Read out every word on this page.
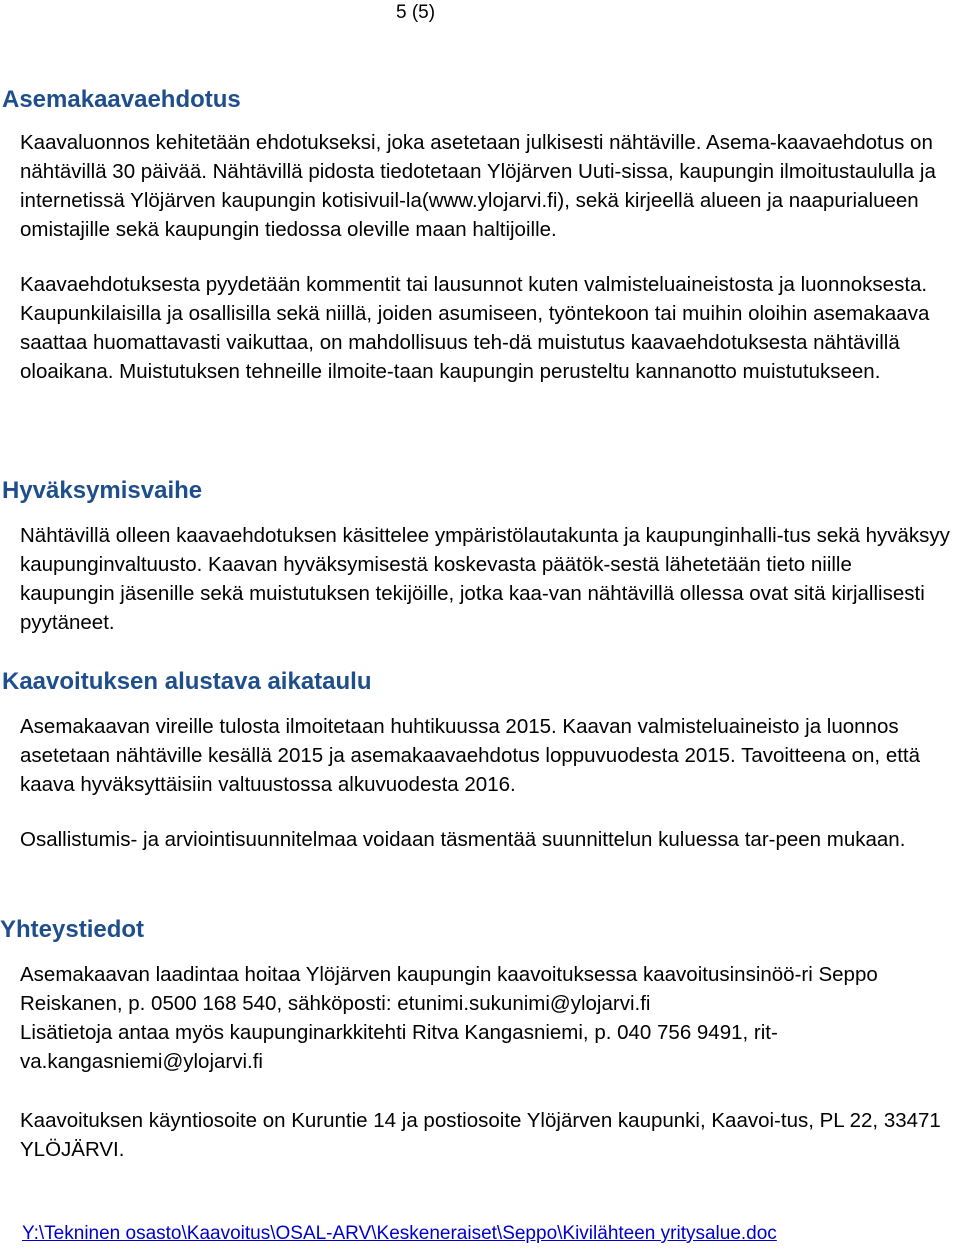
5 (5)
Asemakaavaehdotus

Kaavaluonnos kehitetään ehdotukseksi, joka asetetaan julkisesti nähtäville. Asema-kaavaehdotus on nähtävillä 30 päivää. Nähtävillä pidosta tiedotetaan Ylöjärven Uuti-sissa, kaupungin ilmoitustaululla ja internetissä Ylöjärven kaupungin kotisivuil-la(www.ylojarvi.fi), sekä kirjeellä alueen ja naapurialueen omistajille sekä kaupungin tiedossa oleville maan haltijoille.

Kaavaehdotuksesta pyydetään kommentit tai lausunnot kuten valmisteluaineistosta ja luonnoksesta. Kaupunkilaisilla ja osallisilla sekä niillä, joiden asumiseen, työntekoon tai muihin oloihin asemakaava saattaa huomattavasti vaikuttaa, on mahdollisuus teh-dä muistutus kaavaehdotuksesta nähtävillä oloaikana. Muistutuksen tehneille ilmoite-taan kaupungin perusteltu kannanotto muistutukseen.

Hyväksymisvaihe

Nähtävillä olleen kaavaehdotuksen käsittelee ympäristölautakunta ja kaupunginhalli-tus sekä hyväksyy kaupunginvaltuusto. Kaavan hyväksymisestä koskevasta päätök-sestä lähetetään tieto niille kaupungin jäsenille sekä muistutuksen tekijöille, jotka kaa-van nähtävillä ollessa ovat sitä kirjallisesti pyytäneet.

Kaavoituksen alustava aikataulu

Asemakaavan vireille tulosta ilmoitetaan huhtikuussa 2015. Kaavan valmisteluaineisto ja luonnos asetetaan nähtäville kesällä 2015 ja asemakaavaehdotus loppuvuodesta 2015. Tavoitteena on, että kaava hyväksyttäisiin valtuustossa alkuvuodesta 2016.

Osallistumis- ja arviointisuunnitelmaa voidaan täsmentää suunnittelun kuluessa tar-peen mukaan.

Yhteystiedot

Asemakaavan laadintaa hoitaa Ylöjärven kaupungin kaavoituksessa kaavoitusinsinöö-ri Seppo Reiskanen, p. 0500 168 540, sähköposti: etunimi.sukunimi@ylojarvi.fi

Lisätietoja antaa myös kaupunginarkkitehti Ritva Kangasniemi, p. 040 756 9491, rit-va.kangasniemi@ylojarvi.fi

Kaavoituksen käyntiosoite on Kuruntie 14 ja postiosoite Ylöjärven kaupunki, Kaavoi-tus, PL 22, 33471 YLÖJÄRVI.

Y:\Tekninen osasto\Kaavoitus\OSAL-ARV\Keskeneraiset\Seppo\Kivilähteen yritysalue.doc
